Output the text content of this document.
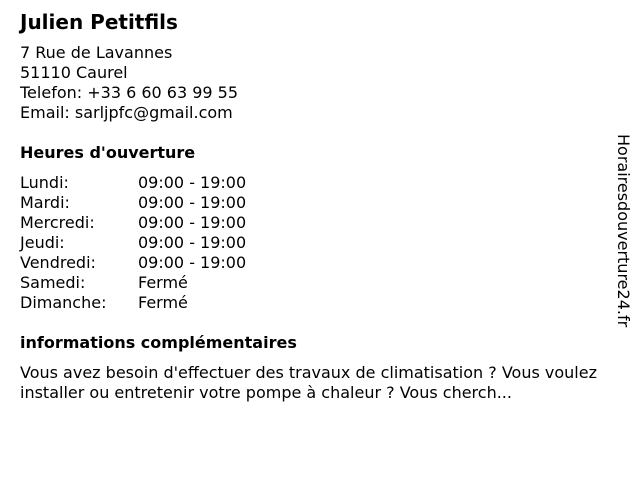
Julien Petitfils
7 Rue de Lavannes
51110 Caurel
Telefon: +33 6 60 63 99 55
Email: sarljpfc@gmail.com
Heures d'ouverture
Lundi:	09:00 - 19:00
Mardi:	09:00 - 19:00
Mercredi:	09:00 - 19:00
Jeudi:	09:00 - 19:00
Vendredi:	09:00 - 19:00
Samedi:	Fermé
Dimanche:	Fermé
informations complémentaires
Vous avez besoin d'effectuer des travaux de climatisation ? Vous voulez installer ou entretenir votre pompe à chaleur ? Vous cherch...
Horairesdouverture24.fr
